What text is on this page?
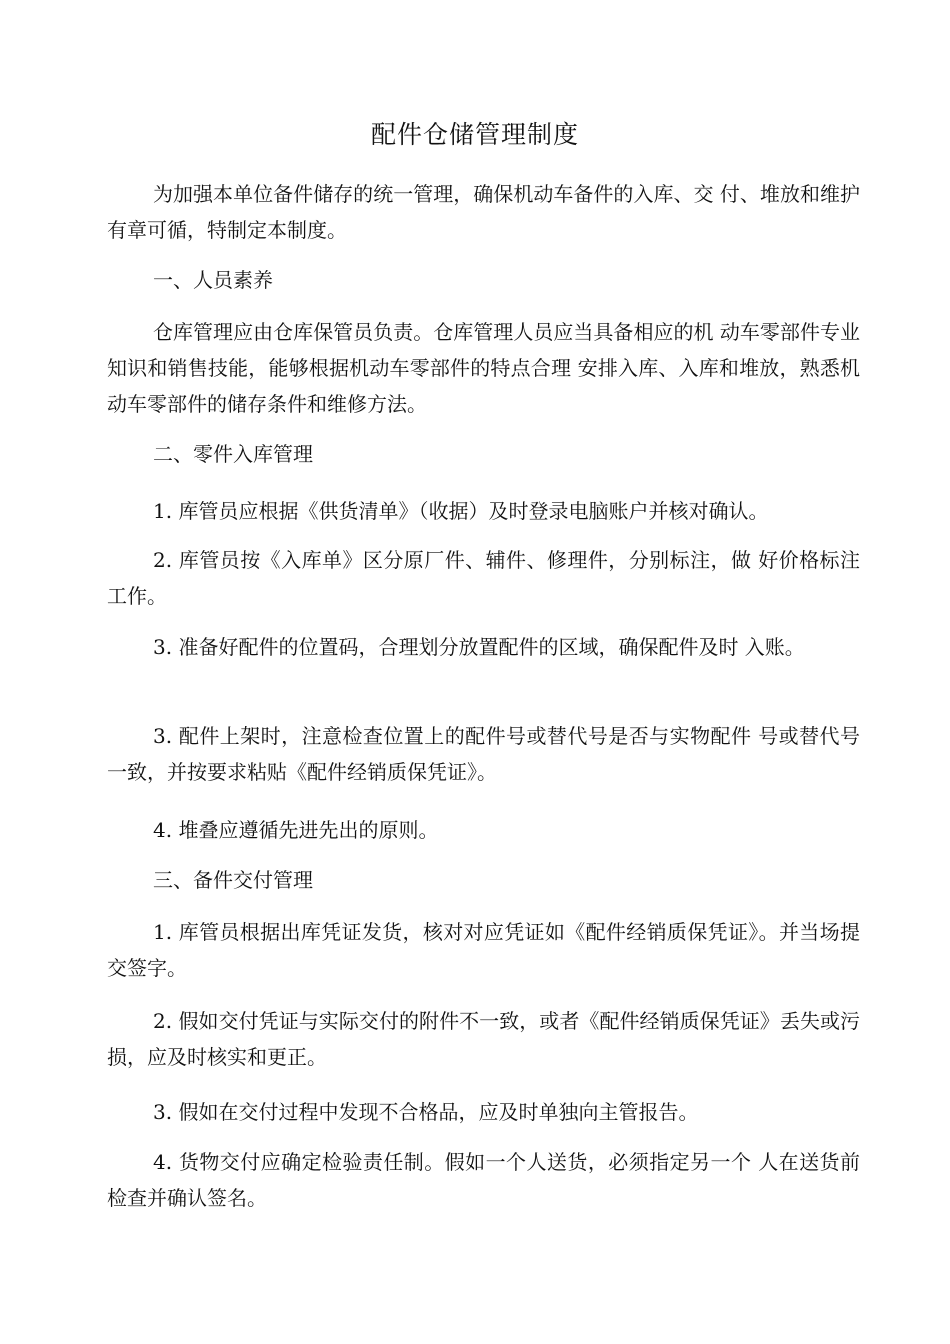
配件仓储管理制度
为加强本单位备件储存的统一管理，确保机动车备件的入库、交 付、堆放和维护有章可循，特制定本制度。
一、人员素养
仓库管理应由仓库保管员负责。仓库管理人员应当具备相应的机 动车零部件专业知识和销售技能，能够根据机动车零部件的特点合理 安排入库、入库和堆放，熟悉机动车零部件的储存条件和维修方法。
二、零件入库管理
1. 库管员应根据《供货清单》（收据）及时登录电脑账户并核对确认。
2. 库管员按《入库单》区分原厂件、辅件、修理件，分别标注，做 好价格标注工作。
3. 准备好配件的位置码，合理划分放置配件的区域，确保配件及时 入账。
3. 配件上架时，注意检查位置上的配件号或替代号是否与实物配件 号或替代号一致，并按要求粘贴《配件经销质保凭证》。
4. 堆叠应遵循先进先出的原则。
三、备件交付管理
1. 库管员根据出库凭证发货，核对对应凭证如《配件经销质保凭证》。并当场提交签字。
2. 假如交付凭证与实际交付的附件不一致，或者《配件经销质保凭证》丢失或污损，应及时核实和更正。
3. 假如在交付过程中发现不合格品，应及时单独向主管报告。
4. 货物交付应确定检验责任制。假如一个人送货，必须指定另一个 人在送货前检查并确认签名。
